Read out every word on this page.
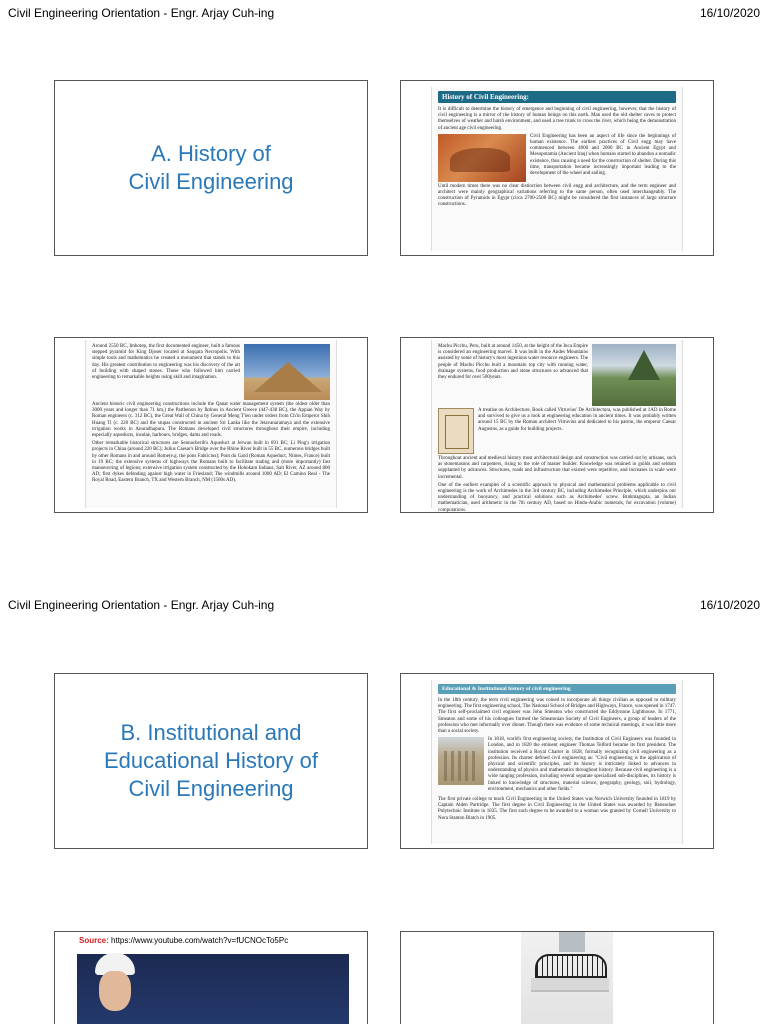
Civil Engineering Orientation - Engr. Arjay Cuh-ing	16/10/2020
A. History of
Civil Engineering
History of Civil Engineering:

It is difficult to determine the history of emergence and beginning of civil engineering, however, that the history of civil engineering is a mirror of the history of human beings on this earth. Man used the old shelter caves to protect themselves of weather and harsh environment, and used a tree trunk to cross the river, which being the demonstration of ancient age civil engineering.

Civil Engineering has been an aspect of life since the beginnings of human existence. The earliest practices of Civil engg may have commenced between 4000 and 2000 BC in Ancient Egypt and Mesopotamia (Ancient Iraq) when humans started to abandon a nomadic existence, thus causing a need for the construction of shelter. During this time, transportation became increasingly important leading to the development of the wheel and sailing.

Until modern times there was no clear distinction between civil engg and architecture, and the term engineer and architect were mainly geographical variations referring to the same person, often used interchangeably. The construction of Pyramids in Egypt (circa 2700-2500 BC) might be considered the first instances of large structure constructions.

Around 2550 BC, Imhotep, the first documented engineer, built a famous stepped pyramid for King Djoser located at Saqqara Necropolis. With simple tools and mathematics he created a monument that stands to this day. His greatest contribution to engineering was his discovery of the art of building with shaped stones. Those who followed him carried engineering to remarkable heights using skill and imagination.

Ancient historic civil engineering constructions include the Qanat water management system (the oldest older than 3000 years and longer than 71 km,) the Parthenon by Iktinos in Ancient Greece (447-438 BC), the Appian Way by Roman engineers (c. 312 BC), the Great Wall of China by General Meng T'ien under orders from Ch'in Emperor Shih Huang Ti (c. 220 BC) and the stupas constructed in ancient Sri Lanka like the Jetavanaramaya and the extensive irrigation works in Anuradhapura. The Romans developed civil structures throughout their empire, including especially aqueducts, insulae, harbours, bridges, dams and roads.

Other remarkable historical structures are Sennacherib's Aqueduct at Jerwan built in 691 BC; Li Ping's irrigation projects in China (around 220 BC); Julius Caesar's Bridge over the Rhine River built in 55 BC, numerous bridges built by other Romans in and around Rome(e.g. the pons Fabricius); Pont du Gard (Roman Aqueduct, Nimes, France) built in 19 BC; the extensive systems of highways the Romans built to facilitate trading and (more importantly) fast manoeuvring of legions; extensive irrigation system constructed by the Hohokam Indians, Salt River, AZ around 800 AD; first dykes defending against high water in Friesland; The windmills around 1000 AD; El Camino Real - The Royal Road, Eastern Branch, TX and Western Branch, NM (1500s AD).

Machu Picchu, Peru, built at around 1450, at the height of the Inca Empire is considered an engineering marvel. It was built in the Andes Mountains assisted by some of history's most ingenious water resource engineers. The people of Machu Picchu built a mountain top city with running water, drainage systems, food production and stone structures so advanced that they endured for over 500years.

A treatise on Architecture, Book called Vitruvius' De Architectura, was published at 1AD in Rome and survived to give us a look at engineering education in ancient times. It was probably written around 15 BC by the Roman architect Vitruvius and dedicated to his patron, the emperor Caesar Augustus, as a guide for building projects.

Throughout ancient and medieval history most architectural design and construction was carried out by artisans, such as stonemasons and carpenters, rising to the role of master builder. Knowledge was retained in guilds and seldom supplanted by advances. Structures, roads and infrastructure that existed were repetitive, and increases in scale were incremental.

One of the earliest examples of a scientific approach to physical and mathematical problems applicable to civil engineering is the work of Archimedes in the 3rd century BC, including Archimedes Principle, which underpins our understanding of buoyancy, and practical solutions such as Archimedes' screw. Brahmagupta, an Indian mathematician, used arithmetic in the 7th century AD, based on Hindu-Arabic numerals, for excavation (volume) computations.

Civil Engineering Orientation - Engr. Arjay Cuh-ing	16/10/2020
B. Institutional and
Educational History of
Civil Engineering
Educational & Institutional history of civil engineering

In the 18th century, the term civil engineering was coined to incorporate all things civilian as opposed to military engineering. The first engineering school, The National School of Bridges and Highways, France, was opened in 1747. The first self-proclaimed civil engineer was John Smeaton who constructed the Eddystone Lighthouse. In 1771, Smeaton and some of his colleagues formed the Smeatonian Society of Civil Engineers, a group of leaders of the profession who met informally over dinner. Though there was evidence of some technical meetings, it was little more than a social society.

In 1818, world's first engineering society, the Institution of Civil Engineers was founded in London, and in 1820 the eminent engineer Thomas Telford became its first president. The institution received a Royal Charter in 1828, formally recognizing civil engineering as a profession. Its charter defined civil engineering as: "Civil engineering is the application of physical and scientific principles, and its history is intricately linked to advances in understanding of physics and mathematics throughout history. Because civil engineering is a wide ranging profession, including several separate specialized sub-disciplines, its history is linked to knowledge of structures, material science, geography, geology, soil, hydrology, environment, mechanics and other fields."

The first private college to teach Civil Engineering in the United States was Norwich University founded in 1819 by Captain Alden Partridge. The first degree in Civil Engineering in the United States was awarded by Rensselaer Polytechnic Institute in 1835. The first such degree to be awarded to a woman was granted by Cornell University to Nora Stanton Blatch in 1905.

Source: https://www.youtube.com/watch?v=fUCNOcTo5Pc
